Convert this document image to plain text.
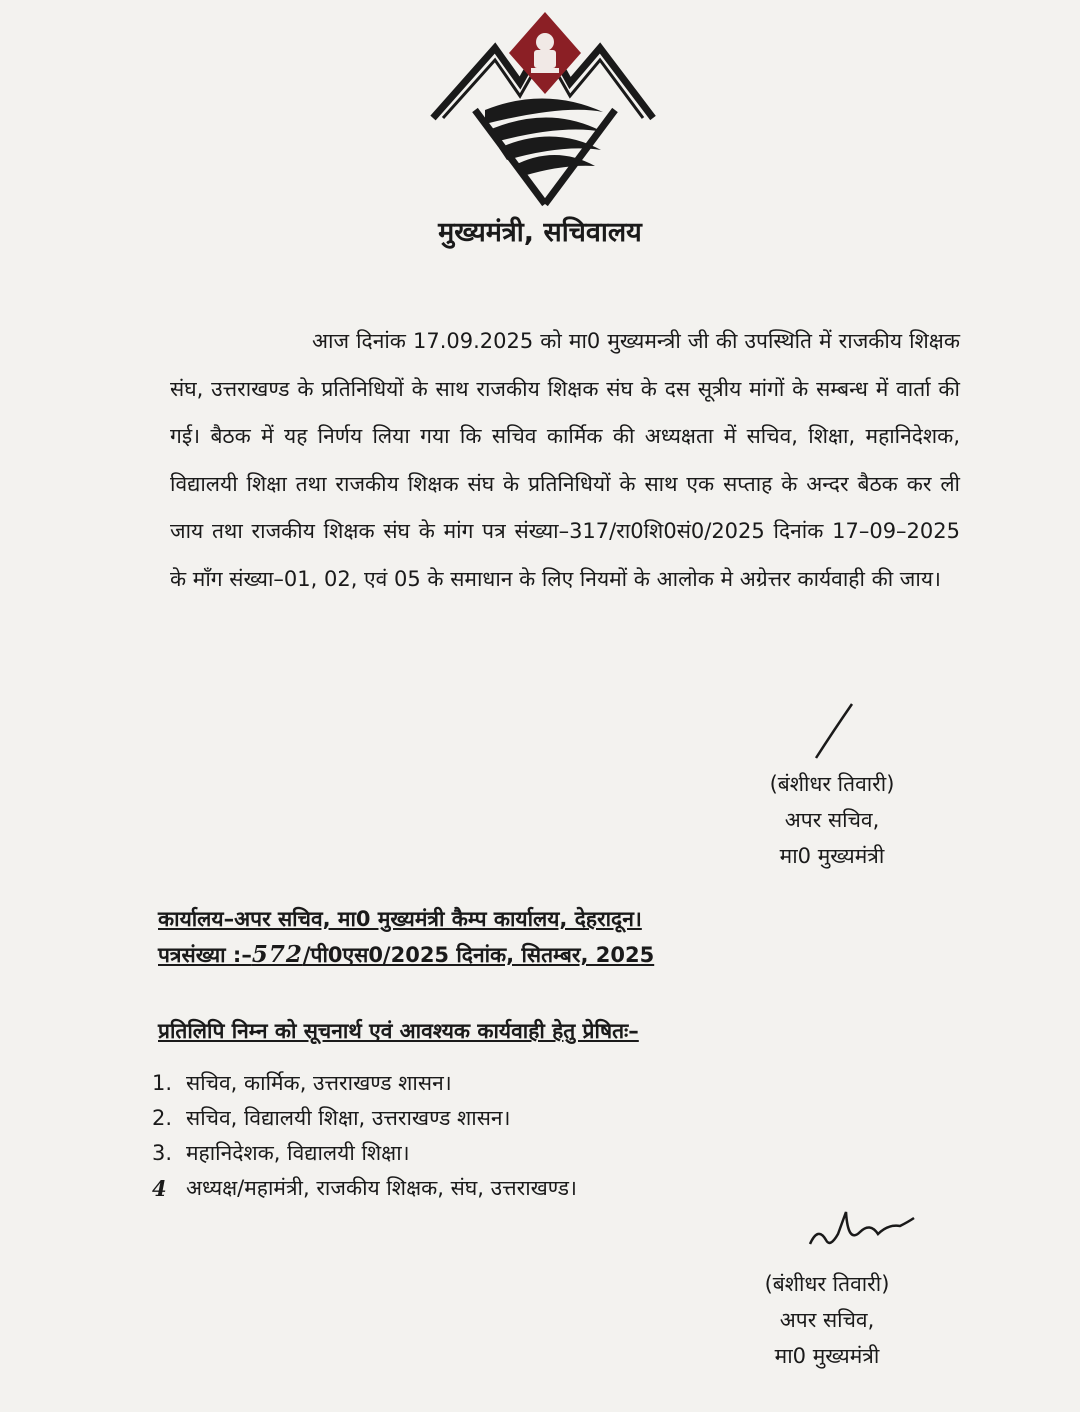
मुख्यमंत्री, सचिवालय
आज दिनांक 17.09.2025 को मा0 मुख्यमन्त्री जी की उपस्थिति में राजकीय शिक्षक संघ, उत्तराखण्ड के प्रतिनिधियों के साथ राजकीय शिक्षक संघ के दस सूत्रीय मांगों के सम्बन्ध में वार्ता की गई। बैठक में यह निर्णय लिया गया कि सचिव कार्मिक की अध्यक्षता में सचिव, शिक्षा, महानिदेशक, विद्यालयी शिक्षा तथा राजकीय शिक्षक संघ के प्रतिनिधियों के साथ एक सप्ताह के अन्दर बैठक कर ली जाय तथा राजकीय शिक्षक संघ के मांग पत्र संख्या–317/रा0शि0सं0/2025 दिनांक 17–09–2025 के माँग संख्या–01, 02, एवं 05 के समाधान के लिए नियमों के आलोक मे अग्रेत्तर कार्यवाही की जाय।
(बंशीधर तिवारी)
अपर सचिव,
मा0 मुख्यमंत्री
कार्यालय–अपर सचिव, मा0 मुख्यमंत्री कैम्प कार्यालय, देहरादून।
पत्रसंख्या :–572/पी0एस0/2025 दिनांक, सितम्बर, 2025
प्रतिलिपि निम्न को सूचनार्थ एवं आवश्यक कार्यवाही हेतु प्रेषितः–
1. सचिव, कार्मिक, उत्तराखण्ड शासन।
2. सचिव, विद्यालयी शिक्षा, उत्तराखण्ड शासन।
3. महानिदेशक, विद्यालयी शिक्षा।
4 अध्यक्ष/महामंत्री, राजकीय शिक्षक, संघ, उत्तराखण्ड।
(बंशीधर तिवारी)
अपर सचिव,
मा0 मुख्यमंत्री
